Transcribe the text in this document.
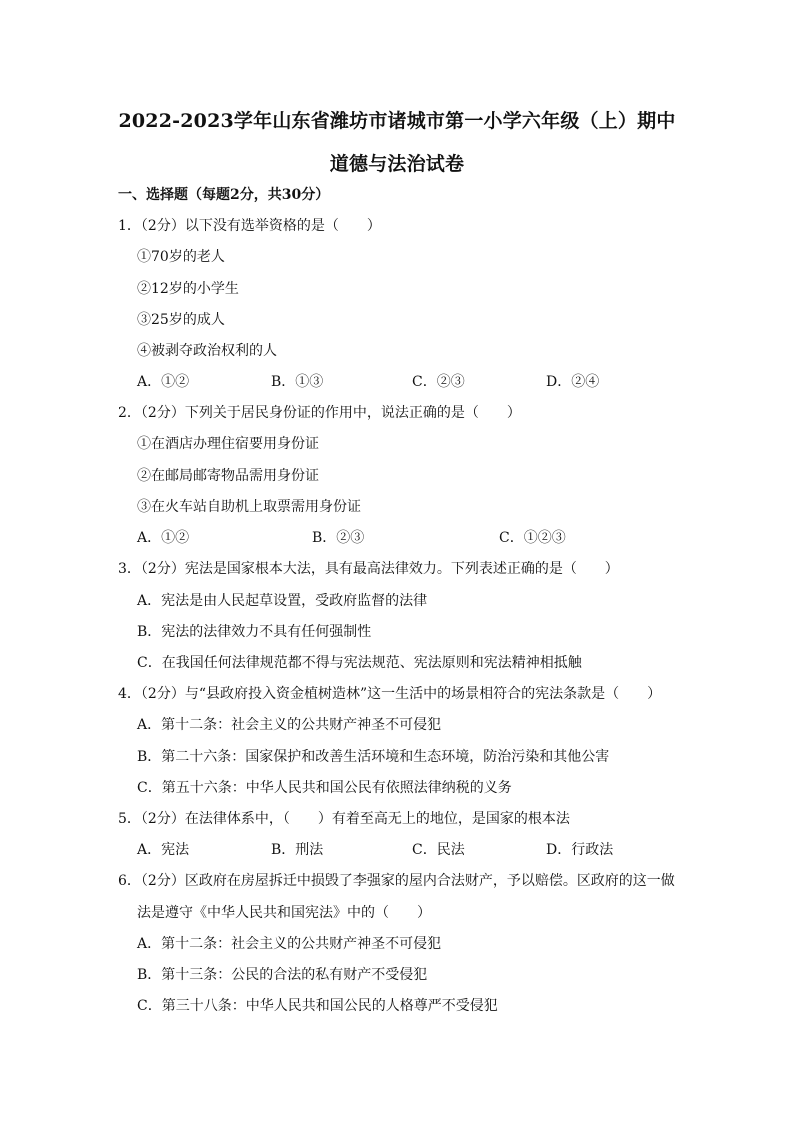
2022-2023学年山东省潍坊市诸城市第一小学六年级（上）期中
道德与法治试卷
一、选择题（每题2分，共30分）
1．（2分）以下没有选举资格的是（　　）
①70岁的老人
②12岁的小学生
③25岁的成人
④被剥夺政治权利的人
A．①②	B．①③	C．②③	D．②④
2．（2分）下列关于居民身份证的作用中，说法正确的是（　　）
①在酒店办理住宿要用身份证
②在邮局邮寄物品需用身份证
③在火车站自助机上取票需用身份证
A．①②	B．②③	C．①②③
3．（2分）宪法是国家根本大法，具有最高法律效力。下列表述正确的是（　　）
A．宪法是由人民起草设置，受政府监督的法律
B．宪法的法律效力不具有任何强制性
C．在我国任何法律规范都不得与宪法规范、宪法原则和宪法精神相抵触
4．（2分）与“县政府投入资金植树造林”这一生活中的场景相符合的宪法条款是（　　）
A．第十二条：社会主义的公共财产神圣不可侵犯
B．第二十六条：国家保护和改善生活环境和生态环境，防治污染和其他公害
C．第五十六条：中华人民共和国公民有依照法律纳税的义务
5．（2分）在法律体系中，（　　）有着至高无上的地位，是国家的根本法
A．宪法	B．刑法	C．民法	D．行政法
6．（2分）区政府在房屋拆迁中损毁了李强家的屋内合法财产，予以赔偿。区政府的这一做
法是遵守《中华人民共和国宪法》中的（　　）
A．第十二条：社会主义的公共财产神圣不可侵犯
B．第十三条：公民的合法的私有财产不受侵犯
C．第三十八条：中华人民共和国公民的人格尊严不受侵犯
